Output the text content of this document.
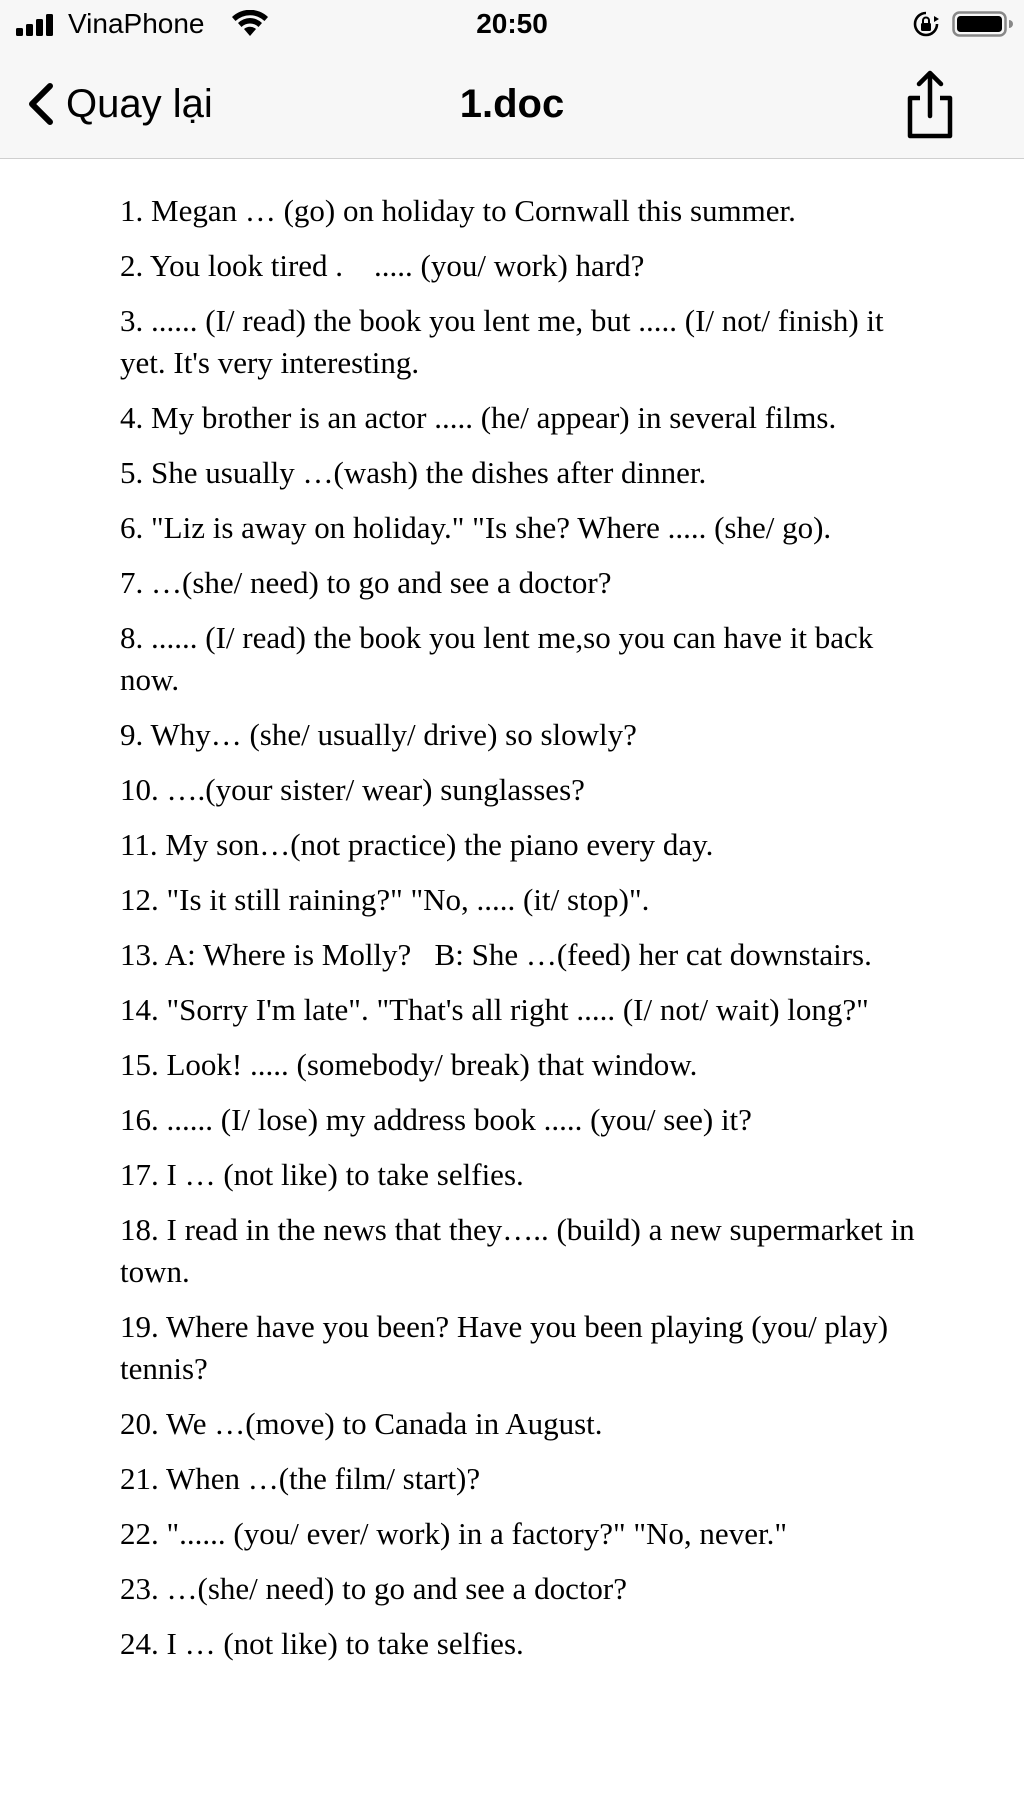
VinaPhone	20:50
Quay lại	1.doc

1. Megan … (go) on holiday to Cornwall this summer.

2. You look tired .    ..... (you/ work) hard?

3. ...... (I/ read) the book you lent me, but ..... (I/ not/ finish) it yet. It's very interesting.

4. My brother is an actor ..... (he/ appear) in several films.

5. She usually …(wash) the dishes after dinner.

6. "Liz is away on holiday." "Is she? Where ..... (she/ go).

7. …(she/ need) to go and see a doctor?

8. ...... (I/ read) the book you lent me,so you can have it back now.

9. Why… (she/ usually/ drive) so slowly?

10. ….(your sister/ wear) sunglasses?

11. My son…(not practice) the piano every day.

12. "Is it still raining?" "No, ..... (it/ stop)".

13. A: Where is Molly?   B: She …(feed) her cat downstairs.

14. "Sorry I'm late". "That's all right ..... (I/ not/ wait) long?"

15. Look! ..... (somebody/ break) that window.

16. ...... (I/ lose) my address book ..... (you/ see) it?

17. I … (not like) to take selfies.

18. I read in the news that they….. (build) a new supermarket in town.

19. Where have you been? Have you been playing (you/ play) tennis?

20. We …(move) to Canada in August.

21. When …(the film/ start)?

22. "...... (you/ ever/ work) in a factory?" "No, never."

23. …(she/ need) to go and see a doctor?

24. I … (not like) to take selfies.
